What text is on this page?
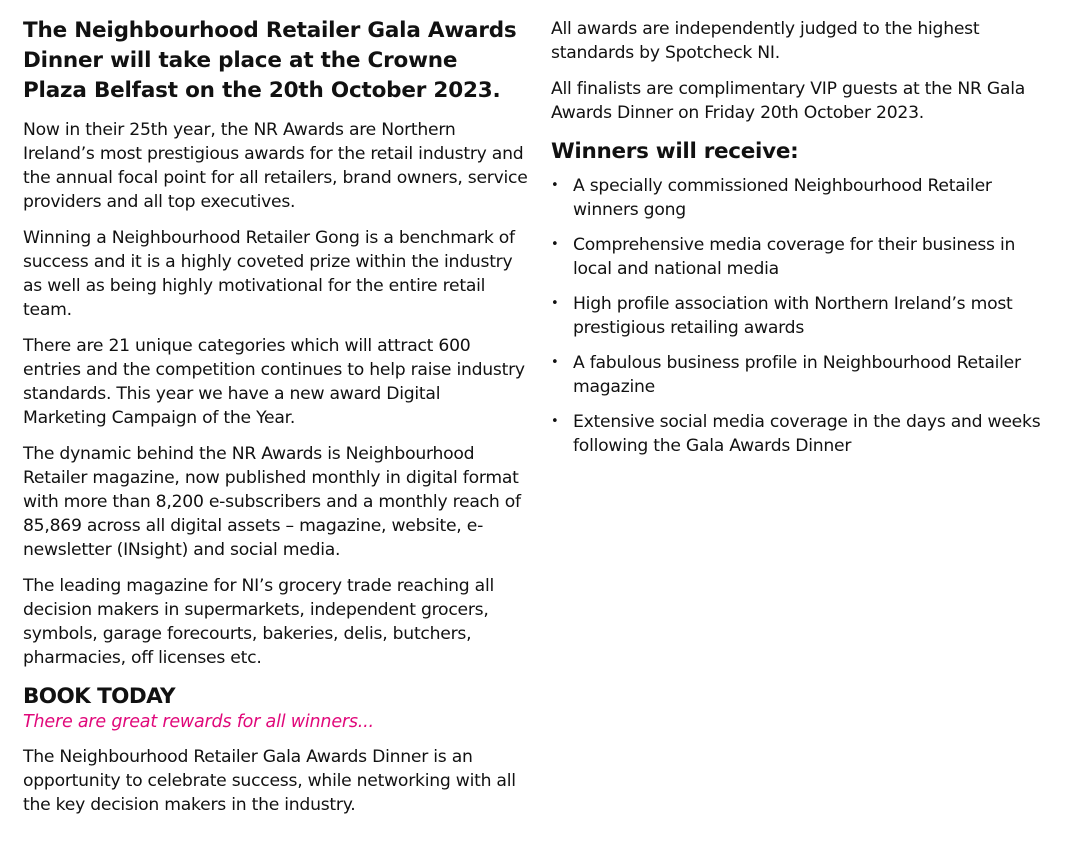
The Neighbourhood Retailer Gala Awards Dinner will take place at the Crowne Plaza Belfast on the 20th October 2023.

Now in their 25th year, the NR Awards are Northern Ireland’s most prestigious awards for the retail industry and the annual focal point for all retailers, brand owners, service providers and all top executives.

Winning a Neighbourhood Retailer Gong is a benchmark of success and it is a highly coveted prize within the industry as well as being highly motivational for the entire retail team.

There are 21 unique categories which will attract 600 entries and the competition continues to help raise industry standards. This year we have a new award Digital Marketing Campaign of the Year.

The dynamic behind the NR Awards is Neighbourhood Retailer magazine, now published monthly in digital format with more than 8,200 e-subscribers and a monthly reach of 85,869 across all digital assets – magazine, website, e-newsletter (INsight) and social media.

The leading magazine for NI’s grocery trade reaching all decision makers in supermarkets, independent grocers, symbols, garage forecourts, bakeries, delis, butchers, pharmacies, off licenses etc.

BOOK TODAY

There are great rewards for all winners...

The Neighbourhood Retailer Gala Awards Dinner is an opportunity to celebrate success, while networking with all the key decision makers in the industry.

All awards are independently judged to the highest standards by Spotcheck NI.

All finalists are complimentary VIP guests at the NR Gala Awards Dinner on Friday 20th October 2023.

Winners will receive:
• A specially commissioned Neighbourhood Retailer winners gong
• Comprehensive media coverage for their business in local and national media
• High profile association with Northern Ireland’s most prestigious retailing awards
• A fabulous business profile in Neighbourhood Retailer magazine
• Extensive social media coverage in the days and weeks following the Gala Awards Dinner
